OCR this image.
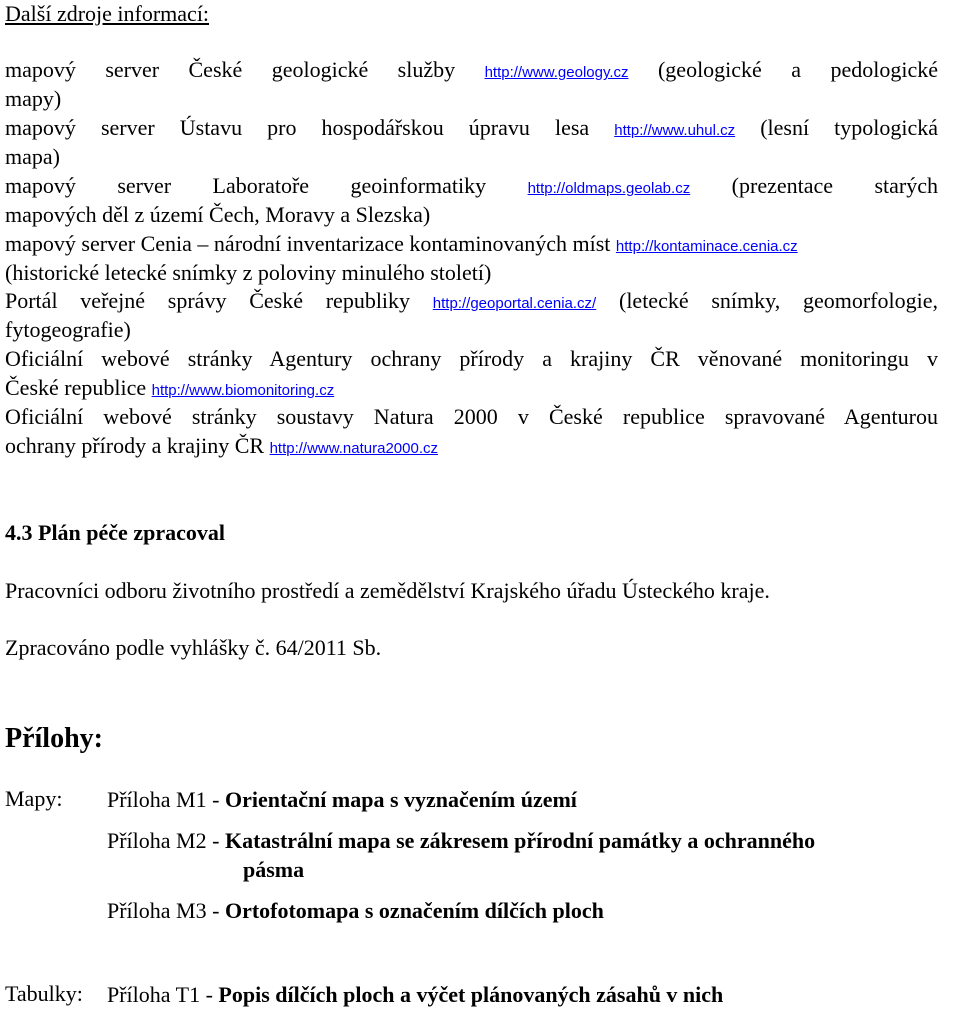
Další zdroje informací:
mapový server České geologické služby http://www.geology.cz (geologické a pedologické
mapy)
mapový server Ústavu pro hospodářskou úpravu lesa http://www.uhul.cz (lesní typologická
mapa)
mapový server Laboratoře geoinformatiky http://oldmaps.geolab.cz (prezentace starých
mapových děl z území Čech, Moravy a Slezska)
mapový server Cenia – národní inventarizace kontaminovaných míst http://kontaminace.cenia.cz
(historické letecké snímky z poloviny minulého století)
Portál veřejné správy České republiky http://geoportal.cenia.cz/ (letecké snímky, geomorfologie,
fytogeografie)
Oficiální webové stránky Agentury ochrany přírody a krajiny ČR věnované monitoringu v
České republice http://www.biomonitoring.cz
Oficiální webové stránky soustavy Natura 2000 v České republice spravované Agenturou
ochrany přírody a krajiny ČR http://www.natura2000.cz
4.3 Plán péče zpracoval
Pracovníci odboru životního prostředí a zemědělství Krajského úřadu Ústeckého kraje.
Zpracováno podle vyhlášky č. 64/2011 Sb.
Přílohy:
Mapy: Příloha M1 - Orientační mapa s vyznačením území
Příloha M2 - Katastrální mapa se zákresem přírodní památky a ochranného
pásma
Příloha M3 - Ortofotomapa s označením dílčích ploch
Tabulky: Příloha T1 - Popis dílčích ploch a výčet plánovaných zásahů v nich
